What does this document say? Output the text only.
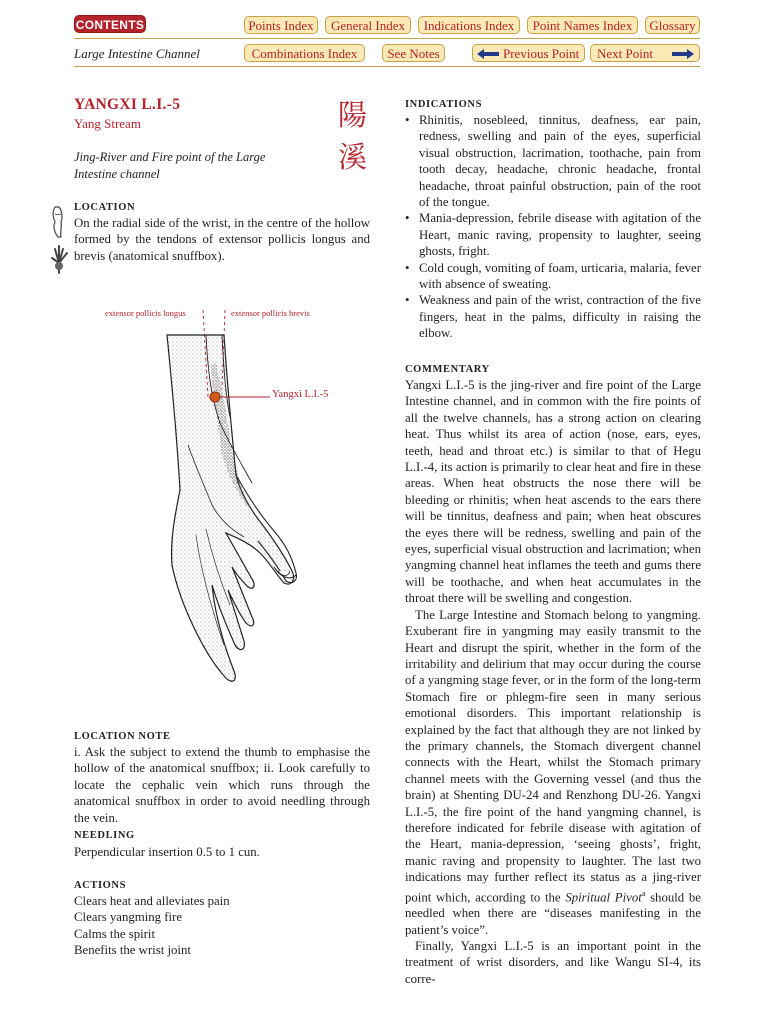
CONTENTS	Points Index	General Index	Indications Index	Point Names Index	Glossary
Large Intestine Channel	Combinations Index	See Notes	Previous Point Next Point
YANGXI L.I.-5
Yang Stream	陽
溪
Jing-River and Fire point of the Large Intestine channel
LOCATION
On the radial side of the wrist, in the centre of the hollow formed by the tendons of extensor pollicis longus and brevis (anatomical snuffbox).
extensor pollicis longus	extensor pollicis brevis
Yangxi L.I.-5
LOCATION NOTE
i. Ask the subject to extend the thumb to emphasise the hollow of the anatomical snuffbox; ii. Look carefully to locate the cephalic vein which runs through the anatomical snuffbox in order to avoid needling through the vein.
NEEDLING
Perpendicular insertion 0.5 to 1 cun.
ACTIONS
Clears heat and alleviates pain
Clears yangming fire
Calms the spirit
Benefits the wrist joint
INDICATIONS
• Rhinitis, nosebleed, tinnitus, deafness, ear pain, redness, swelling and pain of the eyes, superficial visual obstruction, lacrimation, toothache, pain from tooth decay, headache, chronic headache, frontal headache, throat painful obstruction, pain of the root of the tongue.
• Mania-depression, febrile disease with agitation of the Heart, manic raving, propensity to laughter, seeing ghosts, fright.
• Cold cough, vomiting of foam, urticaria, malaria, fever with absence of sweating.
• Weakness and pain of the wrist, contraction of the five fingers, heat in the palms, difficulty in raising the elbow.
COMMENTARY

Yangxi L.I.-5 is the jing-river and fire point of the Large Intestine channel, and in common with the fire points of all the twelve channels, has a strong action on clearing heat. Thus whilst its area of action (nose, ears, eyes, teeth, head and throat etc.) is similar to that of Hegu L.I.-4, its action is primarily to clear heat and fire in these areas. When heat obstructs the nose there will be bleeding or rhinitis; when heat ascends to the ears there will be tinnitus, deafness and pain; when heat obscures the eyes there will be redness, swelling and pain of the eyes, superficial visual obstruction and lacrimation; when yangming channel heat inflames the teeth and gums there will be toothache, and when heat accumulates in the throat there will be swelling and congestion.

The Large Intestine and Stomach belong to yangming. Exuberant fire in yangming may easily transmit to the Heart and disrupt the spirit, whether in the form of the irritability and delirium that may occur during the course of a yangming stage fever, or in the form of the long-term Stomach fire or phlegm-fire seen in many serious emotional disorders. This important relationship is explained by the fact that although they are not linked by the primary channels, the Stomach divergent channel connects with the Heart, whilst the Stomach primary channel meets with the Governing vessel (and thus the brain) at Shenting DU-24 and Renzhong DU-26. Yangxi L.I.-5, the fire point of the hand yangming channel, is therefore indicated for febrile disease with agitation of the Heart, mania-depression, ‘seeing ghosts’, fright, manic raving and propensity to laughter. The last two indications may further reflect its status as a jing-river point which, according to the Spiritual Pivot$^a$ should be needled when there are “diseases manifesting in the patient’s voice”.

Finally, Yangxi L.I.-5 is an important point in the treatment of wrist disorders, and like Wangu SI-4, its corre-
